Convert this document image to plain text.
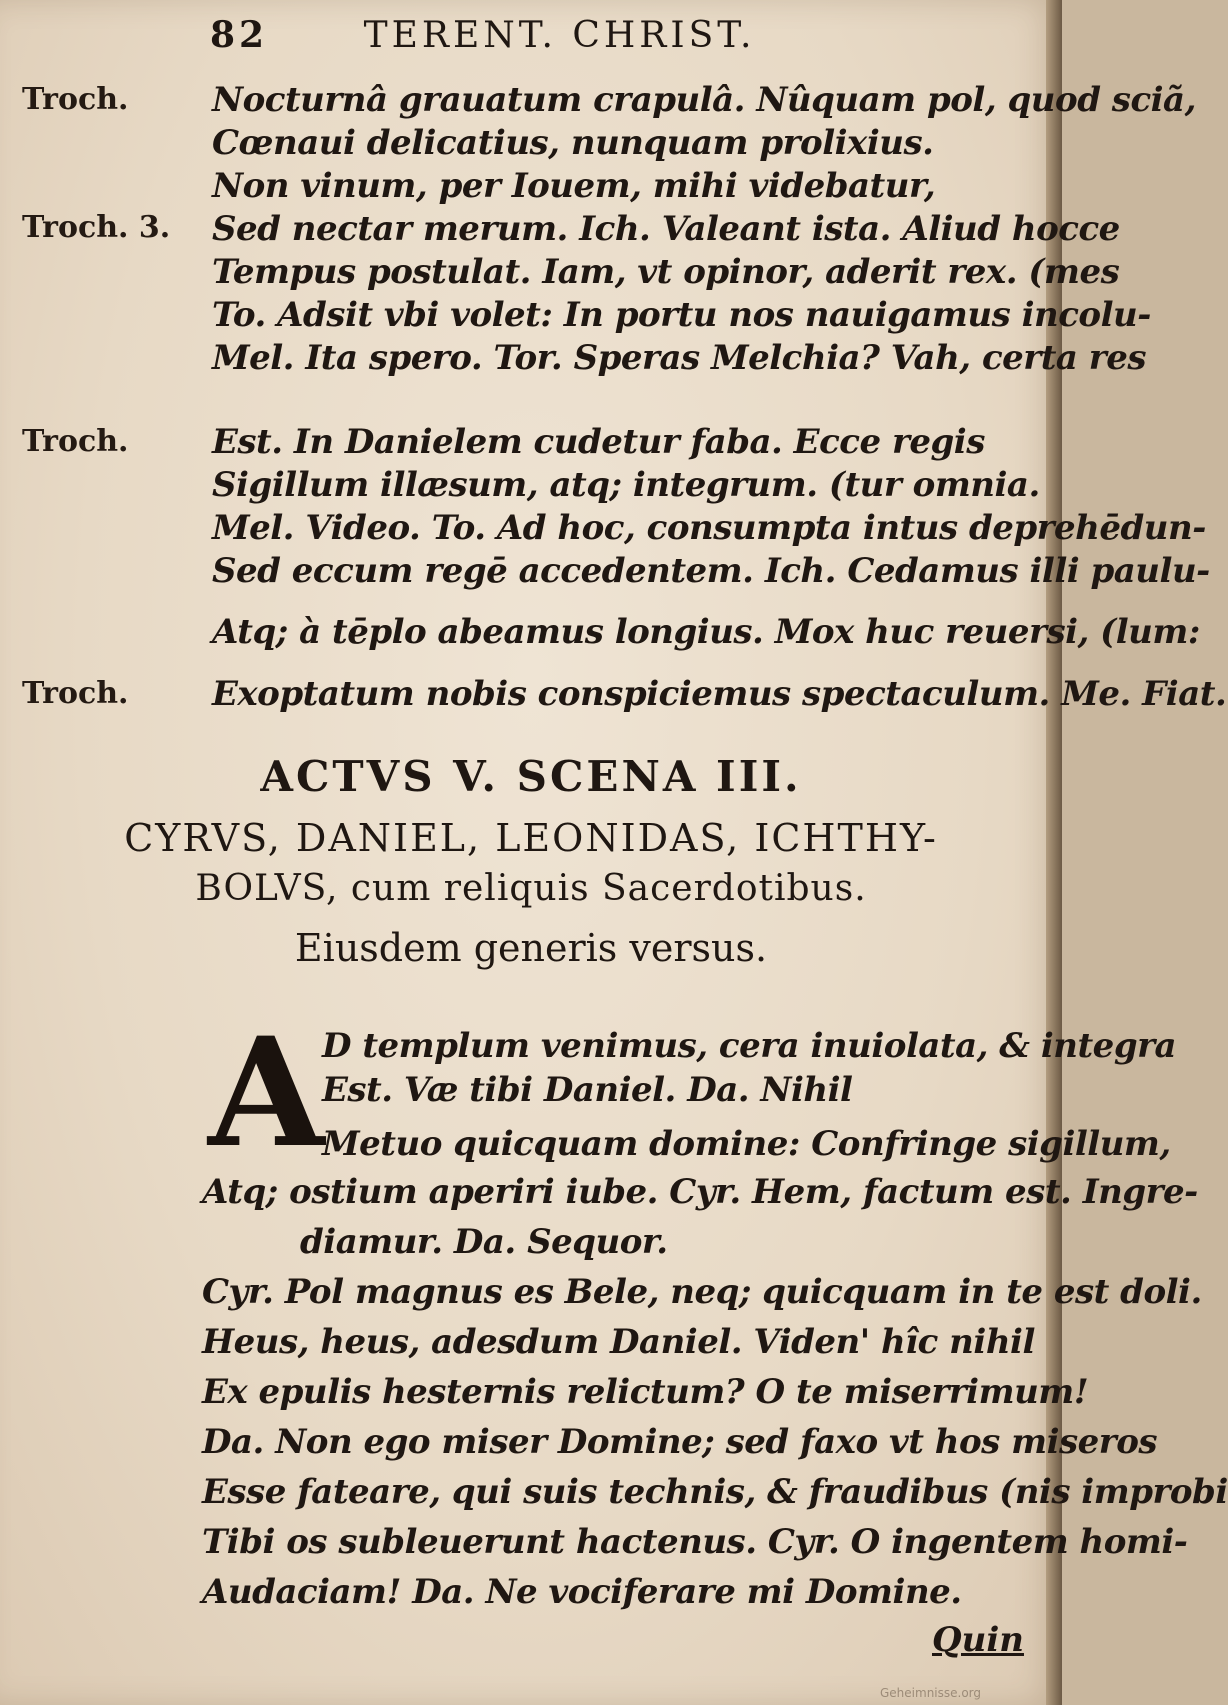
82	TERENT. CHRIST.
Troch.
Troch. 3.
Troch.
Troch.
Nocturnâ grauatum crapulâ. Nûquam pol, quod sciã,
Cœnaui delicatius, nunquam prolixius.
Non vinum, per Iouem, mihi videbatur,
Sed nectar merum. Ich. Valeant ista. Aliud hocce
Tempus postulat. Iam, vt opinor, aderit rex. (mes
To. Adsit vbi volet: In portu nos nauigamus incolu-
Mel. Ita spero. Tor. Speras Melchia? Vah, certa res
Est. In Danielem cudetur faba. Ecce regis
Sigillum illæsum, atq; integrum. (tur omnia.
Mel. Video. To. Ad hoc, consumpta intus deprehēdun-
Sed eccum regē accedentem. Ich. Cedamus illi paulu-
Atq; à tēplo abeamus longius. Mox huc reuersi, (lum:
Exoptatum nobis conspiciemus spectaculum. Me. Fiat.
ACTVS V. SCENA III.
CYRVS, DANIEL, LEONIDAS, ICHTHY-
BOLVS, cum reliquis Sacerdotibus.
Eiusdem generis versus.
A
D templum venimus, cera inuiolata, & integra
Est. Væ tibi Daniel. Da. Nihil
Metuo quicquam domine: Confringe sigillum,
Atq; ostium aperiri iube. Cyr. Hem, factum est. Ingre-
diamur. Da. Sequor.
Cyr. Pol magnus es Bele, neq; quicquam in te est doli.
Heus, heus, adesdum Daniel. Viden' hîc nihil
Ex epulis hesternis relictum? O te miserrimum!
Da. Non ego miser Domine; sed faxo vt hos miseros
Esse fateare, qui suis technis, & fraudibus (nis improbi
Tibi os subleuerunt hactenus. Cyr. O ingentem homi-
Audaciam! Da. Ne vociferare mi Domine.
Quin
Geheimnisse.org
